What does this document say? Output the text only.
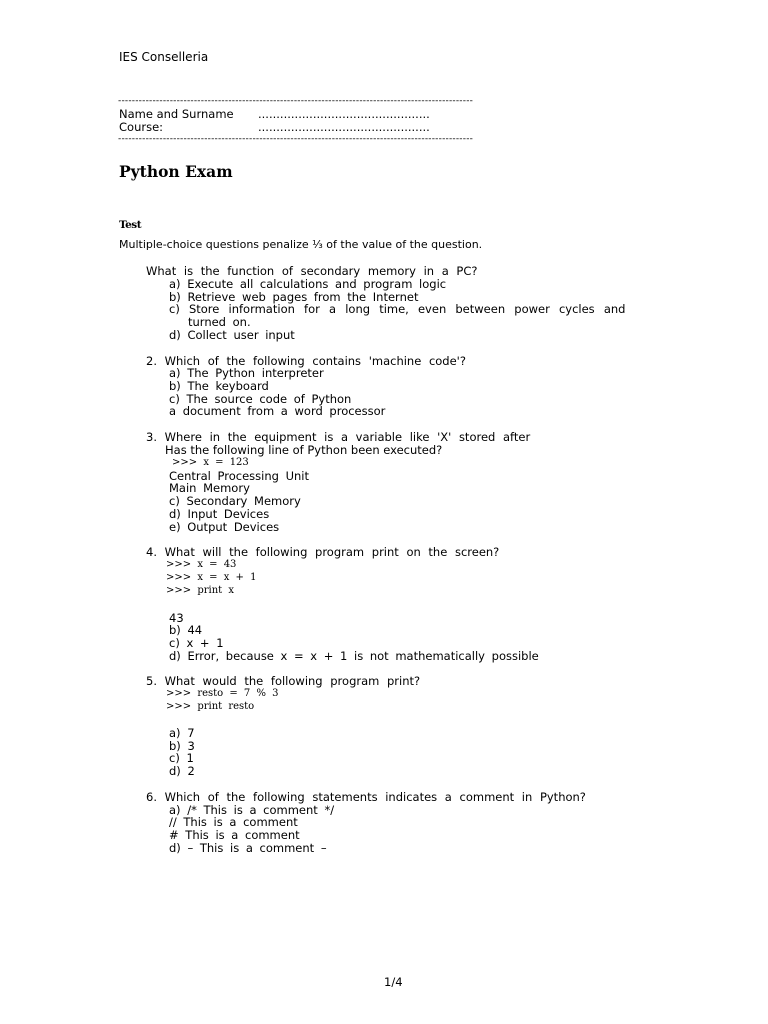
IES Conselleria
-------------------------------------------------------------------------------------------------------
Name and Surname ...............................................
Course:	...............................................
-------------------------------------------------------------------------------------------------------
Python Exam
Test
Multiple-choice questions penalize ⅓ of the value of the question.
What is the function of secondary memory in a PC?
a) Execute all calculations and program logic
b) Retrieve web pages from the Internet
c) Store information for a long time, even between power cycles and
turned on.
d) Collect user input
2. Which of the following contains 'machine code'?
a) The Python interpreter
b) The keyboard
c) The source code of Python
a document from a word processor
3. Where in the equipment is a variable like 'X' stored after
Has the following line of Python been executed?
>>> x = 123
Central Processing Unit
Main Memory
c) Secondary Memory
d) Input Devices
e) Output Devices
4. What will the following program print on the screen?
>>> x = 43
>>> x = x + 1
>>> print x
43
b) 44
c) x + 1
d) Error, because x = x + 1 is not mathematically possible
5. What would the following program print?
>>> resto = 7 % 3
>>> print resto
a) 7
b) 3
c) 1
d) 2
6. Which of the following statements indicates a comment in Python?
a) /* This is a comment */
// This is a comment
# This is a comment
d) – This is a comment –
1/4
